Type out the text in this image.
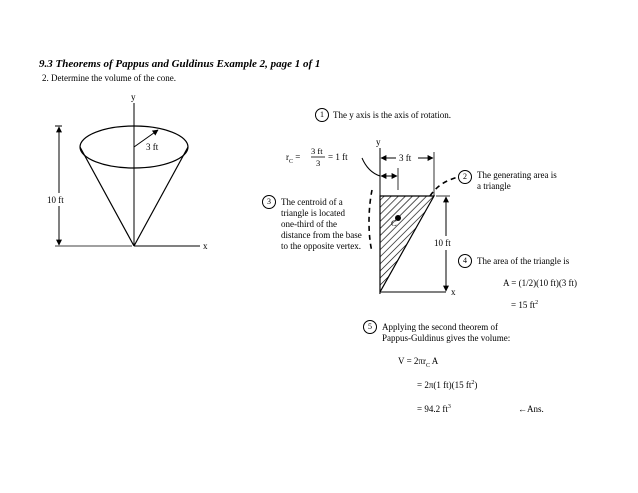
9.3 Theorems of Pappus and Guldinus Example 2, page 1 of 1
2. Determine the volume of the cone.
y
x
3 ft
10 ft
y
x
C
3 ft
10 ft
$r_C$ =
3 ft
3
= 1 ft
1	The y axis is the axis of rotation.
2	The generating area is
a triangle
3	The centroid of a
triangle is located
one-third of the
distance from the base
to the opposite vertex.
4	The area of the triangle is
A = (1/2)(10 ft)(3 ft)
= 15 $ft^2$
5	Applying the second theorem of
Pappus-Guldinus gives the volume:
$V = 2\pi r_C$ A
= 2π(1 ft)(15 $ft^2$)
= 94.2 $ft^3$	←Ans.
